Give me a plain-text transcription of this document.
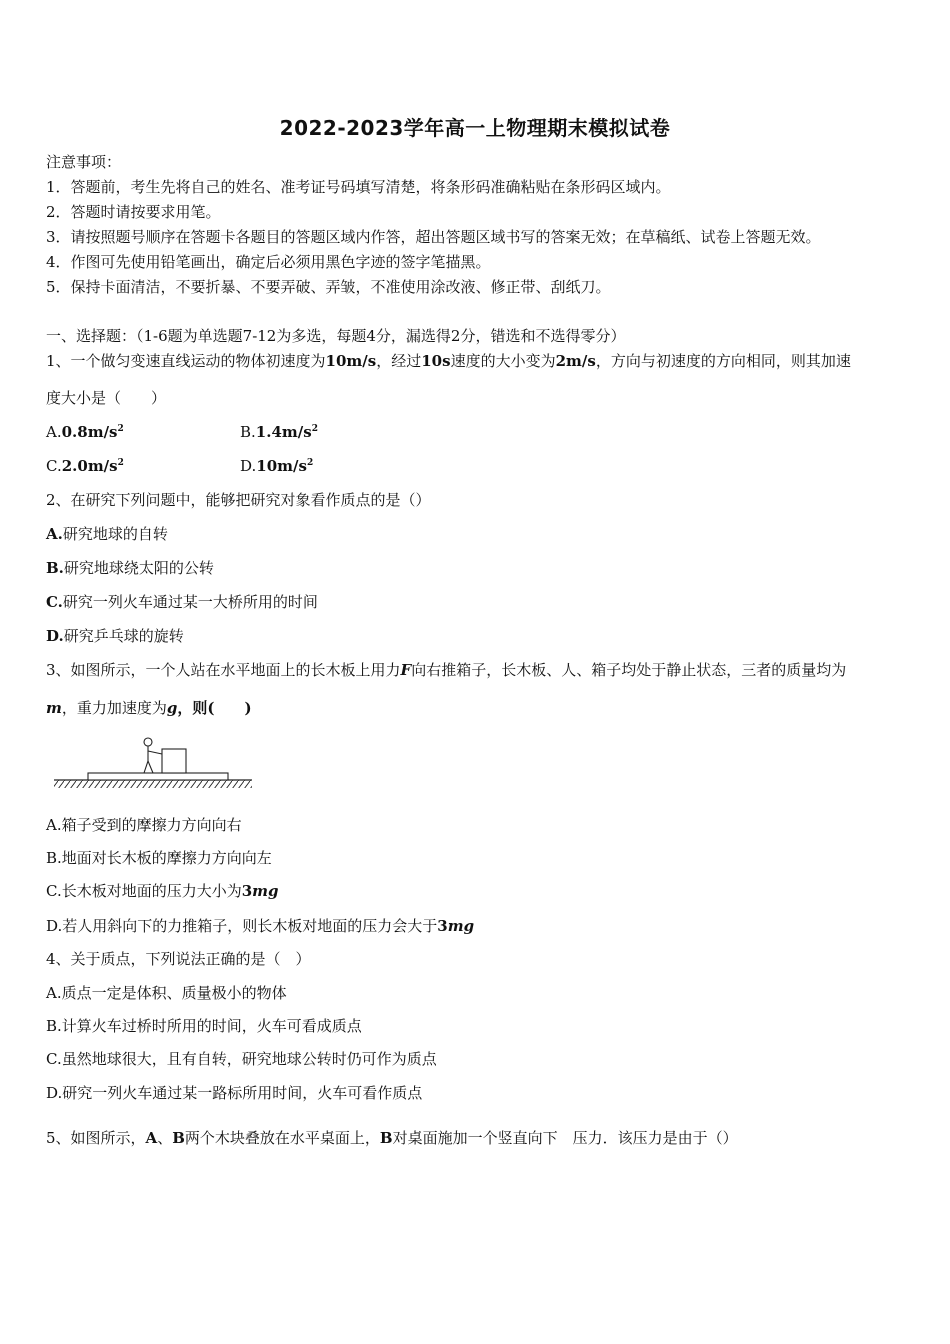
2022-2023学年高一上物理期末模拟试卷
注意事项：
1．答题前，考生先将自己的姓名、准考证号码填写清楚，将条形码准确粘贴在条形码区域内。
2．答题时请按要求用笔。
3．请按照题号顺序在答题卡各题目的答题区域内作答，超出答题区域书写的答案无效；在草稿纸、试卷上答题无效。
4．作图可先使用铅笔画出，确定后必须用黑色字迹的签字笔描黑。
5．保持卡面清洁，不要折暴、不要弄破、弄皱，不准使用涂改液、修正带、刮纸刀。
一、选择题：（1-6题为单选题7-12为多选，每题4分，漏选得2分，错选和不选得零分）
1、一个做匀变速直线运动的物体初速度为10m/s，经过10s速度的大小变为2m/s，方向与初速度的方向相同，则其加速
度大小是（　　）
$A.0.8m/s^2$	$B.1.4m/s^2$
$C.2.0m/s^2$	$D.10m/s^2$
2、在研究下列问题中，能够把研究对象看作质点的是（）
A.研究地球的自转
B.研究地球绕太阳的公转
C.研究一列火车通过某一大桥所用的时间
D.研究乒乓球的旋转
3、如图所示，一个人站在水平地面上的长木板上用力F向右推箱子，长木板、人、箱子均处于静止状态，三者的质量均为
m，重力加速度为g，则(　　)
A.箱子受到的摩擦力方向向右
B.地面对长木板的摩擦力方向向左
C.长木板对地面的压力大小为3mg
D.若人用斜向下的力推箱子，则长木板对地面的压力会大于3mg
4、关于质点，下列说法正确的是（　）
A.质点一定是体积、质量极小的物体
B.计算火车过桥时所用的时间，火车可看成质点
C.虽然地球很大，且有自转，研究地球公转时仍可作为质点
D.研究一列火车通过某一路标所用时间，火车可看作质点
5、如图所示，A、B两个木块叠放在水平桌面上，B对桌面施加一个竖直向下　压力．该压力是由于（）
